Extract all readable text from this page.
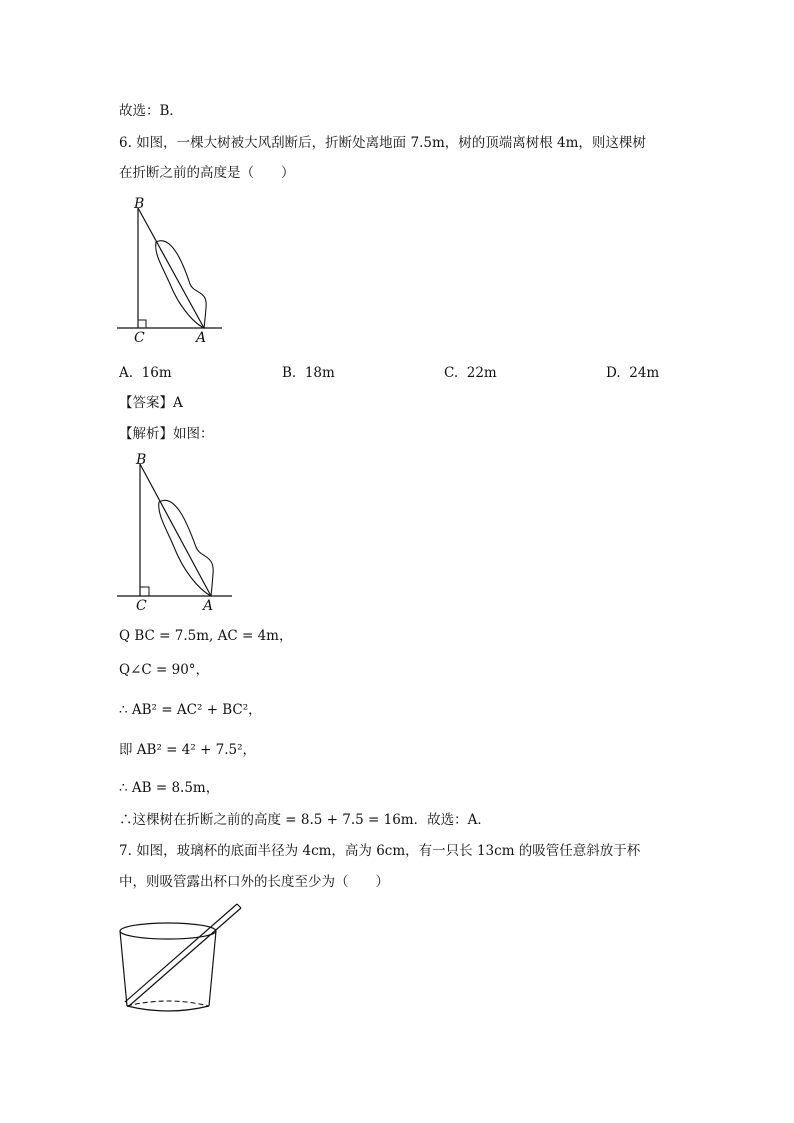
故选：B．
6. 如图，一棵大树被大风刮断后，折断处离地面 7.5m，树的顶端离树根 4m，则这棵树
在折断之前的高度是（　　）
B
C	A
A. 16m	B. 18m	C. 22m	D. 24m
【答案】A
【解析】如图：
B
C	A
Q BC = 7.5m, AC = 4m，
Q∠C = 90°，
∴ AB² = AC² + BC²，
即 AB² = 4² + 7.5²，
∴ AB = 8.5m，
∴这棵树在折断之前的高度 = 8.5 + 7.5 = 16m．故选：A．
7. 如图，玻璃杯的底面半径为 4cm，高为 6cm，有一只长 13cm 的吸管任意斜放于杯
中，则吸管露出杯口外的长度至少为（　　）
